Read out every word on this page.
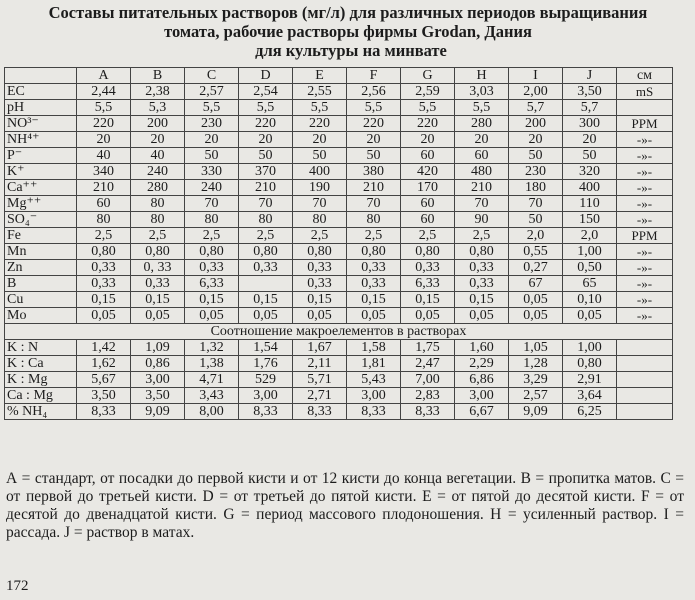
Составы питательных растворов (мг/л) для различных периодов выращивания
томата, рабочие растворы фирмы Grodan, Дания
для культуры на минвате
	A	B	C	D	E	F	G	H	I	J	см
EC	2,44	2,38	2,57	2,54	2,55	2,56	2,59	3,03	2,00	3,50	mS
pH	5,5	5,3	5,5	5,5	5,5	5,5	5,5	5,5	5,7	5,7	
NO³⁻	220	200	230	220	220	220	220	280	200	300	PPM
NH⁴⁺	20	20	20	20	20	20	20	20	20	20	-»-
P⁻	40	40	50	50	50	50	60	60	50	50	-»-
K⁺	340	240	330	370	400	380	420	480	230	320	-»-
Ca⁺⁺	210	280	240	210	190	210	170	210	180	400	-»-
Mg⁺⁺	60	80	70	70	70	70	60	70	70	110	-»-
SO₄⁻	80	80	80	80	80	80	60	90	50	150	-»-
Fe	2,5	2,5	2,5	2,5	2,5	2,5	2,5	2,5	2,0	2,0	PPM
Mn	0,80	0,80	0,80	0,80	0,80	0,80	0,80	0,80	0,55	1,00	-»-
Zn	0,33	0, 33	0,33	0,33	0,33	0,33	0,33	0,33	0,27	0,50	-»-
B	0,33	0,33	6,33		0,33	0,33	6,33	0,33	67	65	-»-
Cu	0,15	0,15	0,15	0,15	0,15	0,15	0,15	0,15	0,05	0,10	-»-
Mo	0,05	0,05	0,05	0,05	0,05	0,05	0,05	0,05	0,05	0,05	-»-
Соотношение макроелементов в растворах											
K : N	1,42	1,09	1,32	1,54	1,67	1,58	1,75	1,60	1,05	1,00	
K : Ca	1,62	0,86	1,38	1,76	2,11	1,81	2,47	2,29	1,28	0,80	
K : Mg	5,67	3,00	4,71	529	5,71	5,43	7,00	6,86	3,29	2,91	
Ca : Mg	3,50	3,50	3,43	3,00	2,71	3,00	2,83	3,00	2,57	3,64	
% NH₄	8,33	9,09	8,00	8,33	8,33	8,33	8,33	6,67	9,09	6,25	
А = стандарт, от посадки до первой кисти и от 12 кисти до конца вегетации. В = пропитка матов. С = от первой до третьей кисти. D = от третьей до пятой кисти. Е = от пятой до десятой кисти. F = от десятой до двенадцатой кисти. G = период массового плодоношения. Н = усиленный раствор. I = рассада. J = раствор в матах.
172
